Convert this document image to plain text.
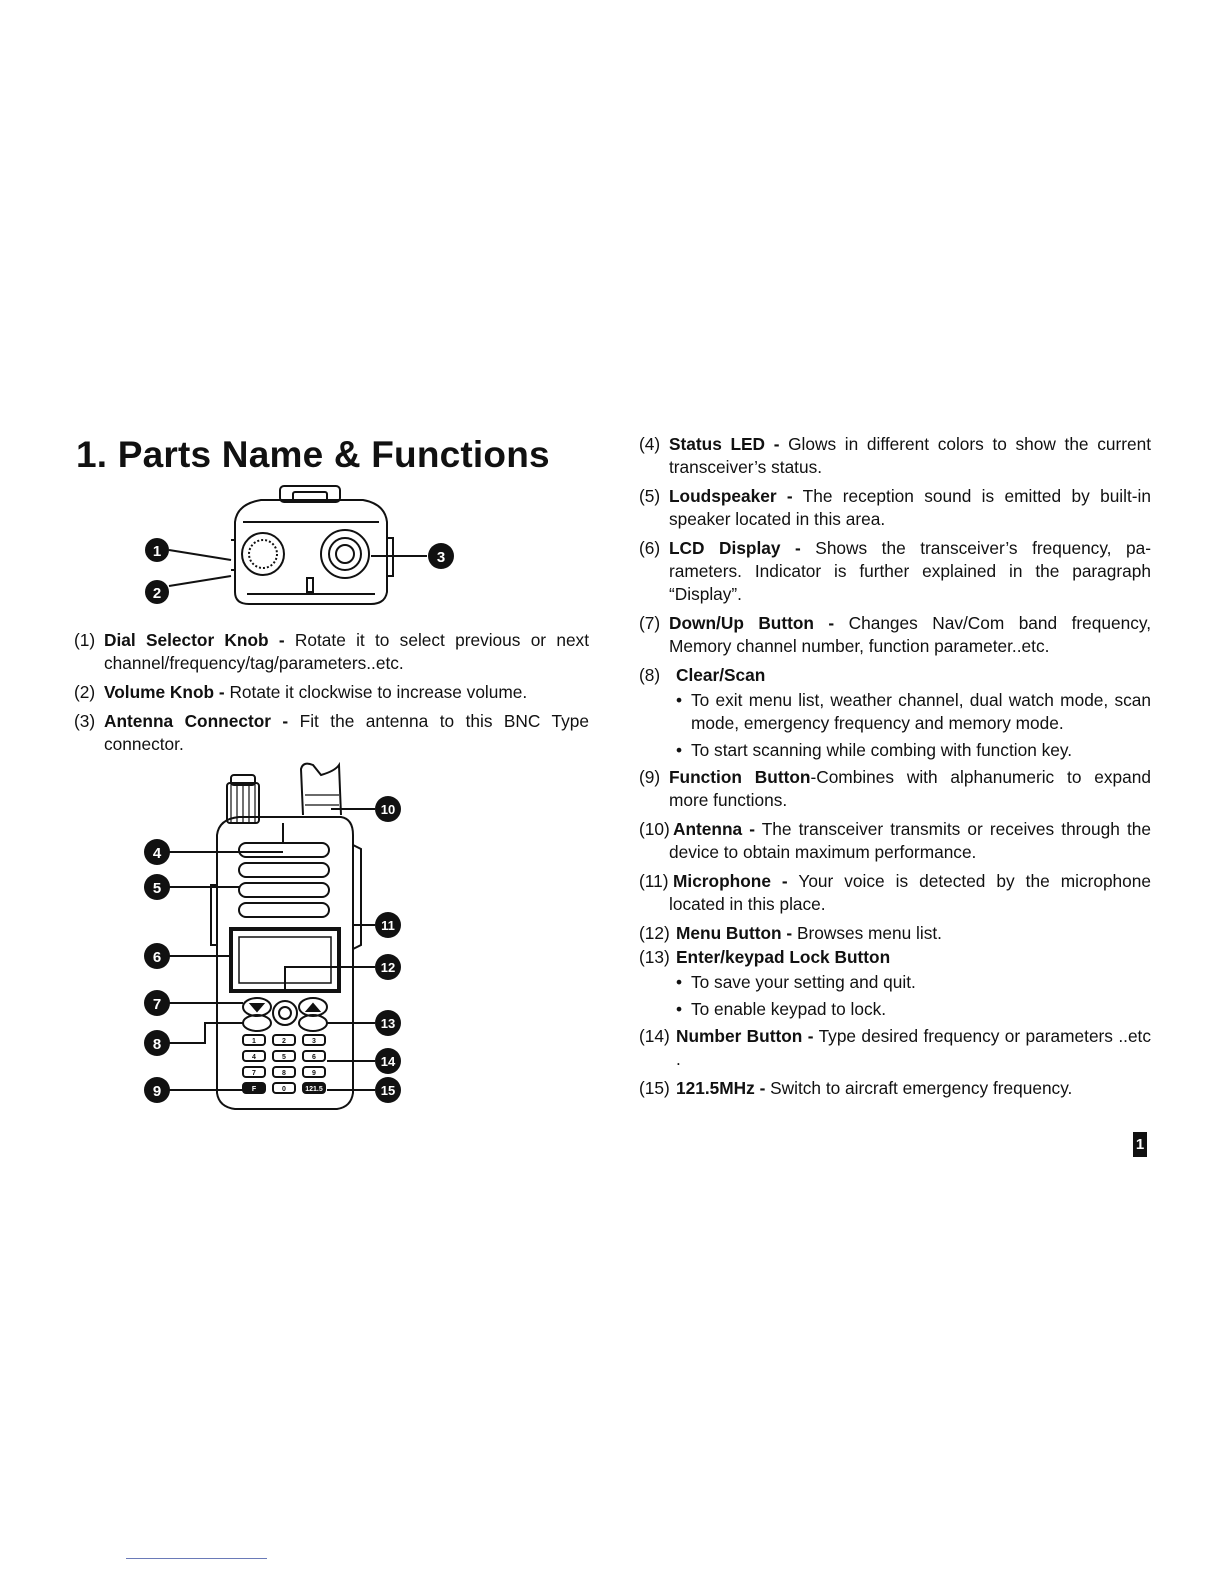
1. Parts Name & Functions
1
2
3
(1) Dial Selector Knob - Rotate it to select previous or next channel/frequency/tag/parameters..etc.
(2) Volume Knob - Rotate it clockwise to increase volume.
(3) Antenna Connector - Fit the antenna to this BNC Type connector.
1	2	3
4	5	6
7	8	9
F	0	121.5
4
5
6
7
8
9
10
11
12
13
14
15
(4) Status LED - Glows in different colors to show the current transceiver’s status.
(5) Loudspeaker - The reception sound is emitted by built-in speaker located in this area.
(6) LCD Display - Shows the transceiver’s frequency, pa- rameters. Indicator is further explained in the paragraph “Display”.
(7) Down/Up Button - Changes Nav/Com band frequency, Memory channel number, function parameter..etc.
(8) Clear/Scan
• To exit menu list, weather channel, dual watch mode, scan mode, emergency frequency and memory mode.
• To start scanning while combing with function key.
(9) Function Button-Combines with alphanumeric to expand more functions.
(10) Antenna - The transceiver transmits or receives through the device to obtain maximum performance.
(11) Microphone - Your voice is detected by the microphone located in this place.
(12) Menu Button - Browses menu list.
(13) Enter/keypad Lock Button
• To save your setting and quit.
• To enable keypad to lock.
(14) Number Button - Type desired frequency or parameters ..etc .
(15) 121.5MHz - Switch to aircraft emergency frequency.
1
